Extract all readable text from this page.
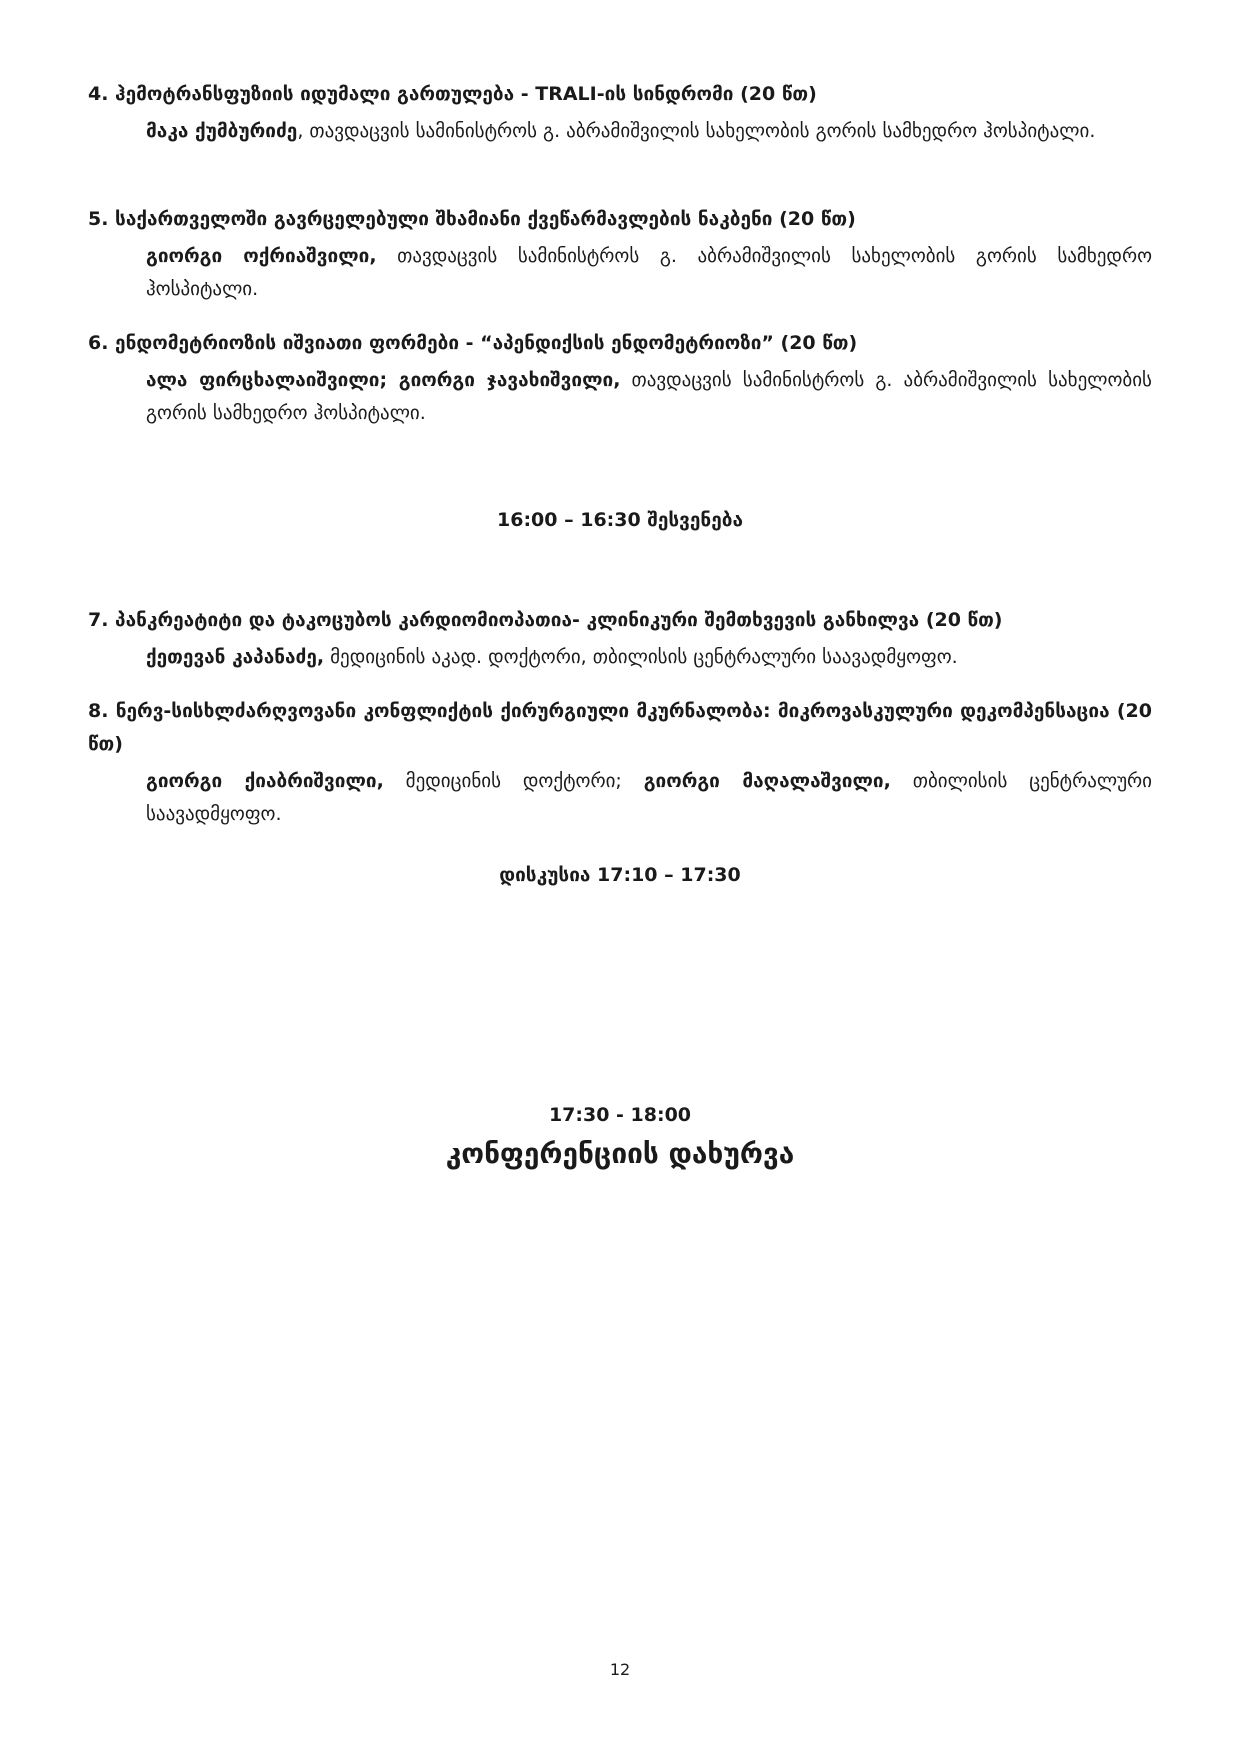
4. ჰემოტრანსფუზიის იდუმალი გართულება - TRALI-ის სინდრომი (20 წთ)

მაკა ქუმბურიძე, თავდაცვის სამინისტროს გ. აბრამიშვილის სახელობის გორის სამხედრო ჰოსპიტალი.

5. საქართველოში გავრცელებული შხამიანი ქვეწარმავლების ნაკბენი (20 წთ)

გიორგი ოქრიაშვილი, თავდაცვის სამინისტროს გ. აბრამიშვილის სახელობის გორის სამხედრო ჰოსპიტალი.

6. ენდომეტრიოზის იშვიათი ფორმები - “აპენდიქსის ენდომეტრიოზი” (20 წთ)

ალა ფირცხალაიშვილი; გიორგი ჯავახიშვილი, თავდაცვის სამინისტროს გ. აბრამიშვილის სახელობის გორის სამხედრო ჰოსპიტალი.

16:00 – 16:30 შესვენება

7. პანკრეატიტი და ტაკოცუბოს კარდიომიოპათია- კლინიკური შემთხვევის განხილვა (20 წთ)

ქეთევან კაპანაძე, მედიცინის აკად. დოქტორი, თბილისის ცენტრალური საავადმყოფო.

8. ნერვ-სისხლძარღვოვანი კონფლიქტის ქირურგიული მკურნალობა: მიკროვასკულური დეკომპენსაცია (20 წთ)

გიორგი ქიაბრიშვილი, მედიცინის დოქტორი; გიორგი მაღალაშვილი, თბილისის ცენტრალური საავადმყოფო.

დისკუსია 17:10 – 17:30
17:30 - 18:00
კონფერენციის დახურვა
12
